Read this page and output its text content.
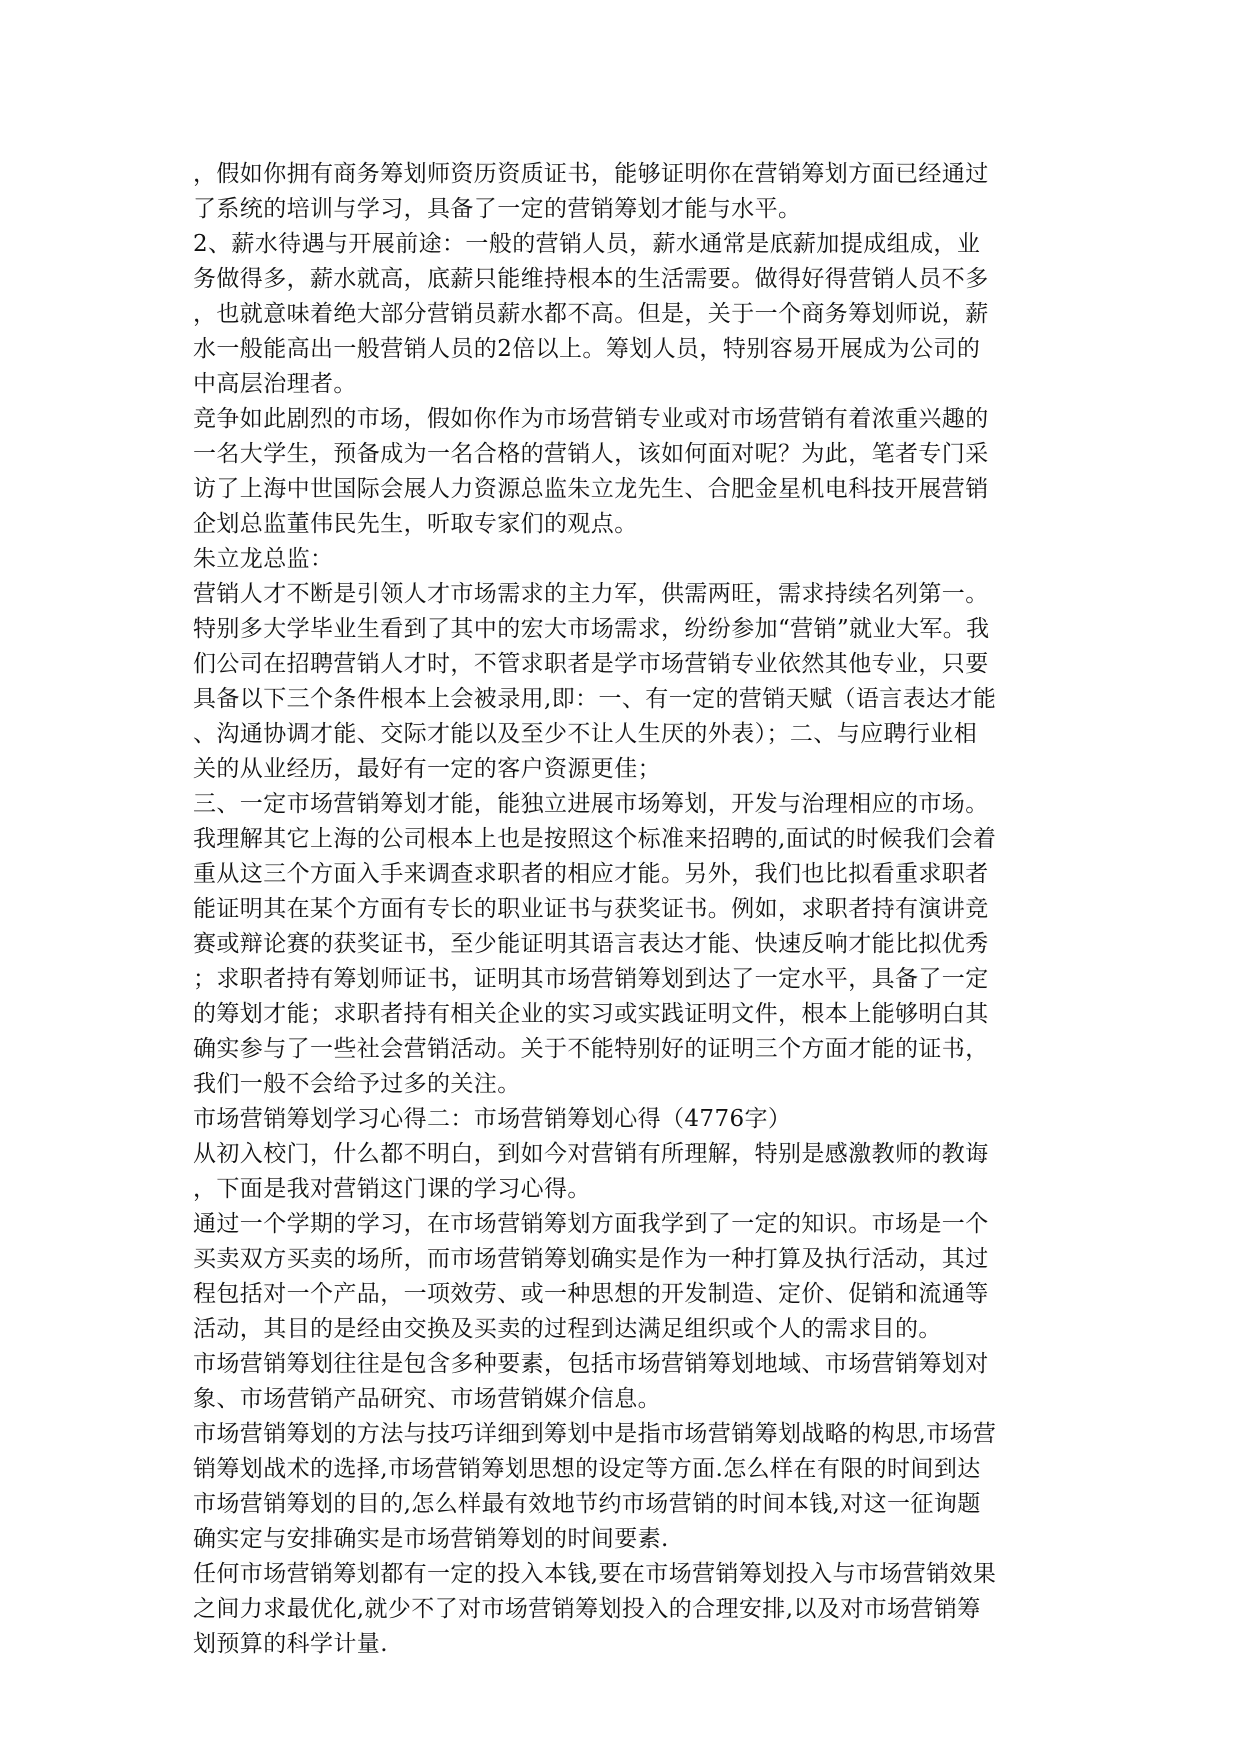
，假如你拥有商务筹划师资历资质证书，能够证明你在营销筹划方面已经通过
了系统的培训与学习，具备了一定的营销筹划才能与水平。
2、薪水待遇与开展前途：一般的营销人员，薪水通常是底薪加提成组成，业
务做得多，薪水就高，底薪只能维持根本的生活需要。做得好得营销人员不多
，也就意味着绝大部分营销员薪水都不高。但是，关于一个商务筹划师说，薪
水一般能高出一般营销人员的2倍以上。筹划人员，特别容易开展成为公司的
中高层治理者。
竞争如此剧烈的市场，假如你作为市场营销专业或对市场营销有着浓重兴趣的
一名大学生，预备成为一名合格的营销人，该如何面对呢？为此，笔者专门采
访了上海中世国际会展人力资源总监朱立龙先生、合肥金星机电科技开展营销
企划总监董伟民先生，听取专家们的观点。
朱立龙总监：
营销人才不断是引领人才市场需求的主力军，供需两旺，需求持续名列第一。
特别多大学毕业生看到了其中的宏大市场需求，纷纷参加“营销”就业大军。我
们公司在招聘营销人才时，不管求职者是学市场营销专业依然其他专业，只要
具备以下三个条件根本上会被录用,即：一、有一定的营销天赋（语言表达才能
、沟通协调才能、交际才能以及至少不让人生厌的外表）；二、与应聘行业相
关的从业经历，最好有一定的客户资源更佳；
三、一定市场营销筹划才能，能独立进展市场筹划，开发与治理相应的市场。
我理解其它上海的公司根本上也是按照这个标准来招聘的,面试的时候我们会着
重从这三个方面入手来调查求职者的相应才能。另外，我们也比拟看重求职者
能证明其在某个方面有专长的职业证书与获奖证书。例如，求职者持有演讲竞
赛或辩论赛的获奖证书，至少能证明其语言表达才能、快速反响才能比拟优秀
；求职者持有筹划师证书，证明其市场营销筹划到达了一定水平，具备了一定
的筹划才能；求职者持有相关企业的实习或实践证明文件，根本上能够明白其
确实参与了一些社会营销活动。关于不能特别好的证明三个方面才能的证书，
我们一般不会给予过多的关注。
市场营销筹划学习心得二：市场营销筹划心得（4776字）
从初入校门，什么都不明白，到如今对营销有所理解，特别是感激教师的教诲
，下面是我对营销这门课的学习心得。
通过一个学期的学习，在市场营销筹划方面我学到了一定的知识。市场是一个
买卖双方买卖的场所，而市场营销筹划确实是作为一种打算及执行活动，其过
程包括对一个产品，一项效劳、或一种思想的开发制造、定价、促销和流通等
活动，其目的是经由交换及买卖的过程到达满足组织或个人的需求目的。
市场营销筹划往往是包含多种要素，包括市场营销筹划地域、市场营销筹划对
象、市场营销产品研究、市场营销媒介信息。
市场营销筹划的方法与技巧详细到筹划中是指市场营销筹划战略的构思,市场营
销筹划战术的选择,市场营销筹划思想的设定等方面.怎么样在有限的时间到达
市场营销筹划的目的,怎么样最有效地节约市场营销的时间本钱,对这一征询题
确实定与安排确实是市场营销筹划的时间要素.
任何市场营销筹划都有一定的投入本钱,要在市场营销筹划投入与市场营销效果
之间力求最优化,就少不了对市场营销筹划投入的合理安排,以及对市场营销筹
划预算的科学计量.
